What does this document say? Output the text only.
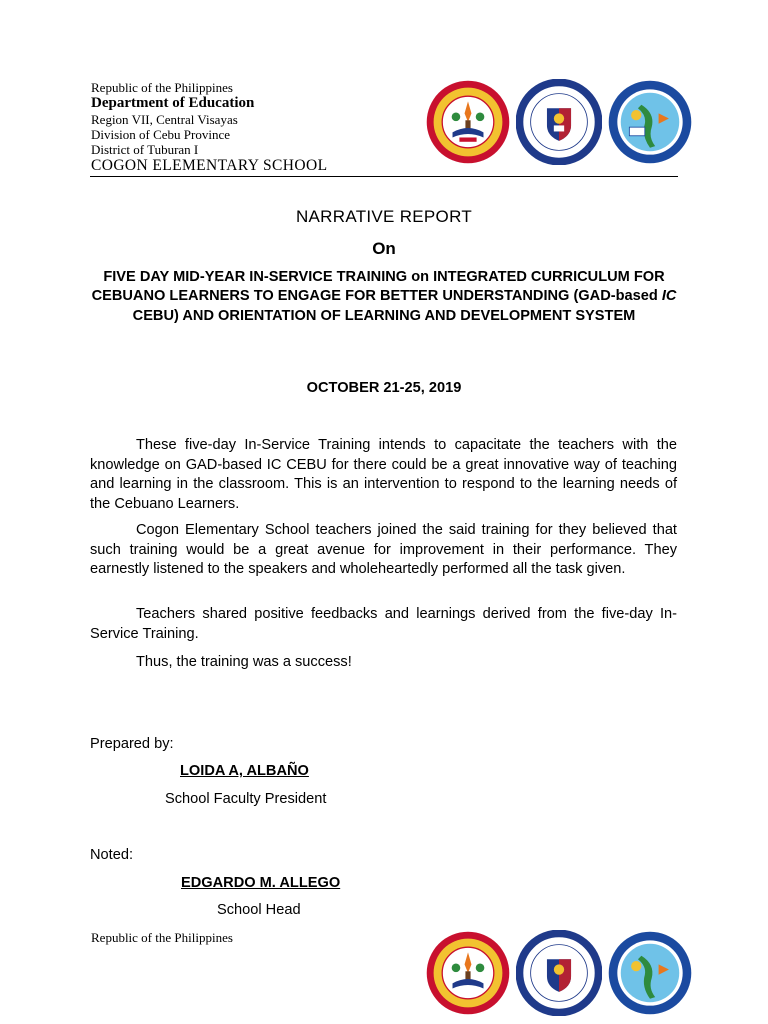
Republic of the Philippines
Department of Education
Region VII, Central Visayas
Division of Cebu Province
District of Tuburan I
COGON ELEMENTARY SCHOOL
NARRATIVE REPORT
On
FIVE DAY MID-YEAR IN-SERVICE TRAINING on INTEGRATED CURRICULUM FOR CEBUANO LEARNERS TO ENGAGE FOR BETTER UNDERSTANDING (GAD-based IC CEBU) AND ORIENTATION OF LEARNING AND DEVELOPMENT SYSTEM
OCTOBER 21-25, 2019
These five-day In-Service Training intends to capacitate the teachers with the knowledge on GAD-based IC CEBU for there could be a great innovative way of teaching and learning in the classroom. This is an intervention to respond to the learning needs of the Cebuano Learners.
Cogon Elementary School teachers joined the said training for they believed that such training would be a great avenue for improvement in their performance. They earnestly listened to the speakers and wholeheartedly performed all the task given.
Teachers shared positive feedbacks and learnings derived from the five-day In-Service Training.
Thus, the training was a success!
Prepared by:
LOIDA A, ALBAÑO
School Faculty President
Noted:
EDGARDO M. ALLEGO
School Head
Republic of the Philippines
